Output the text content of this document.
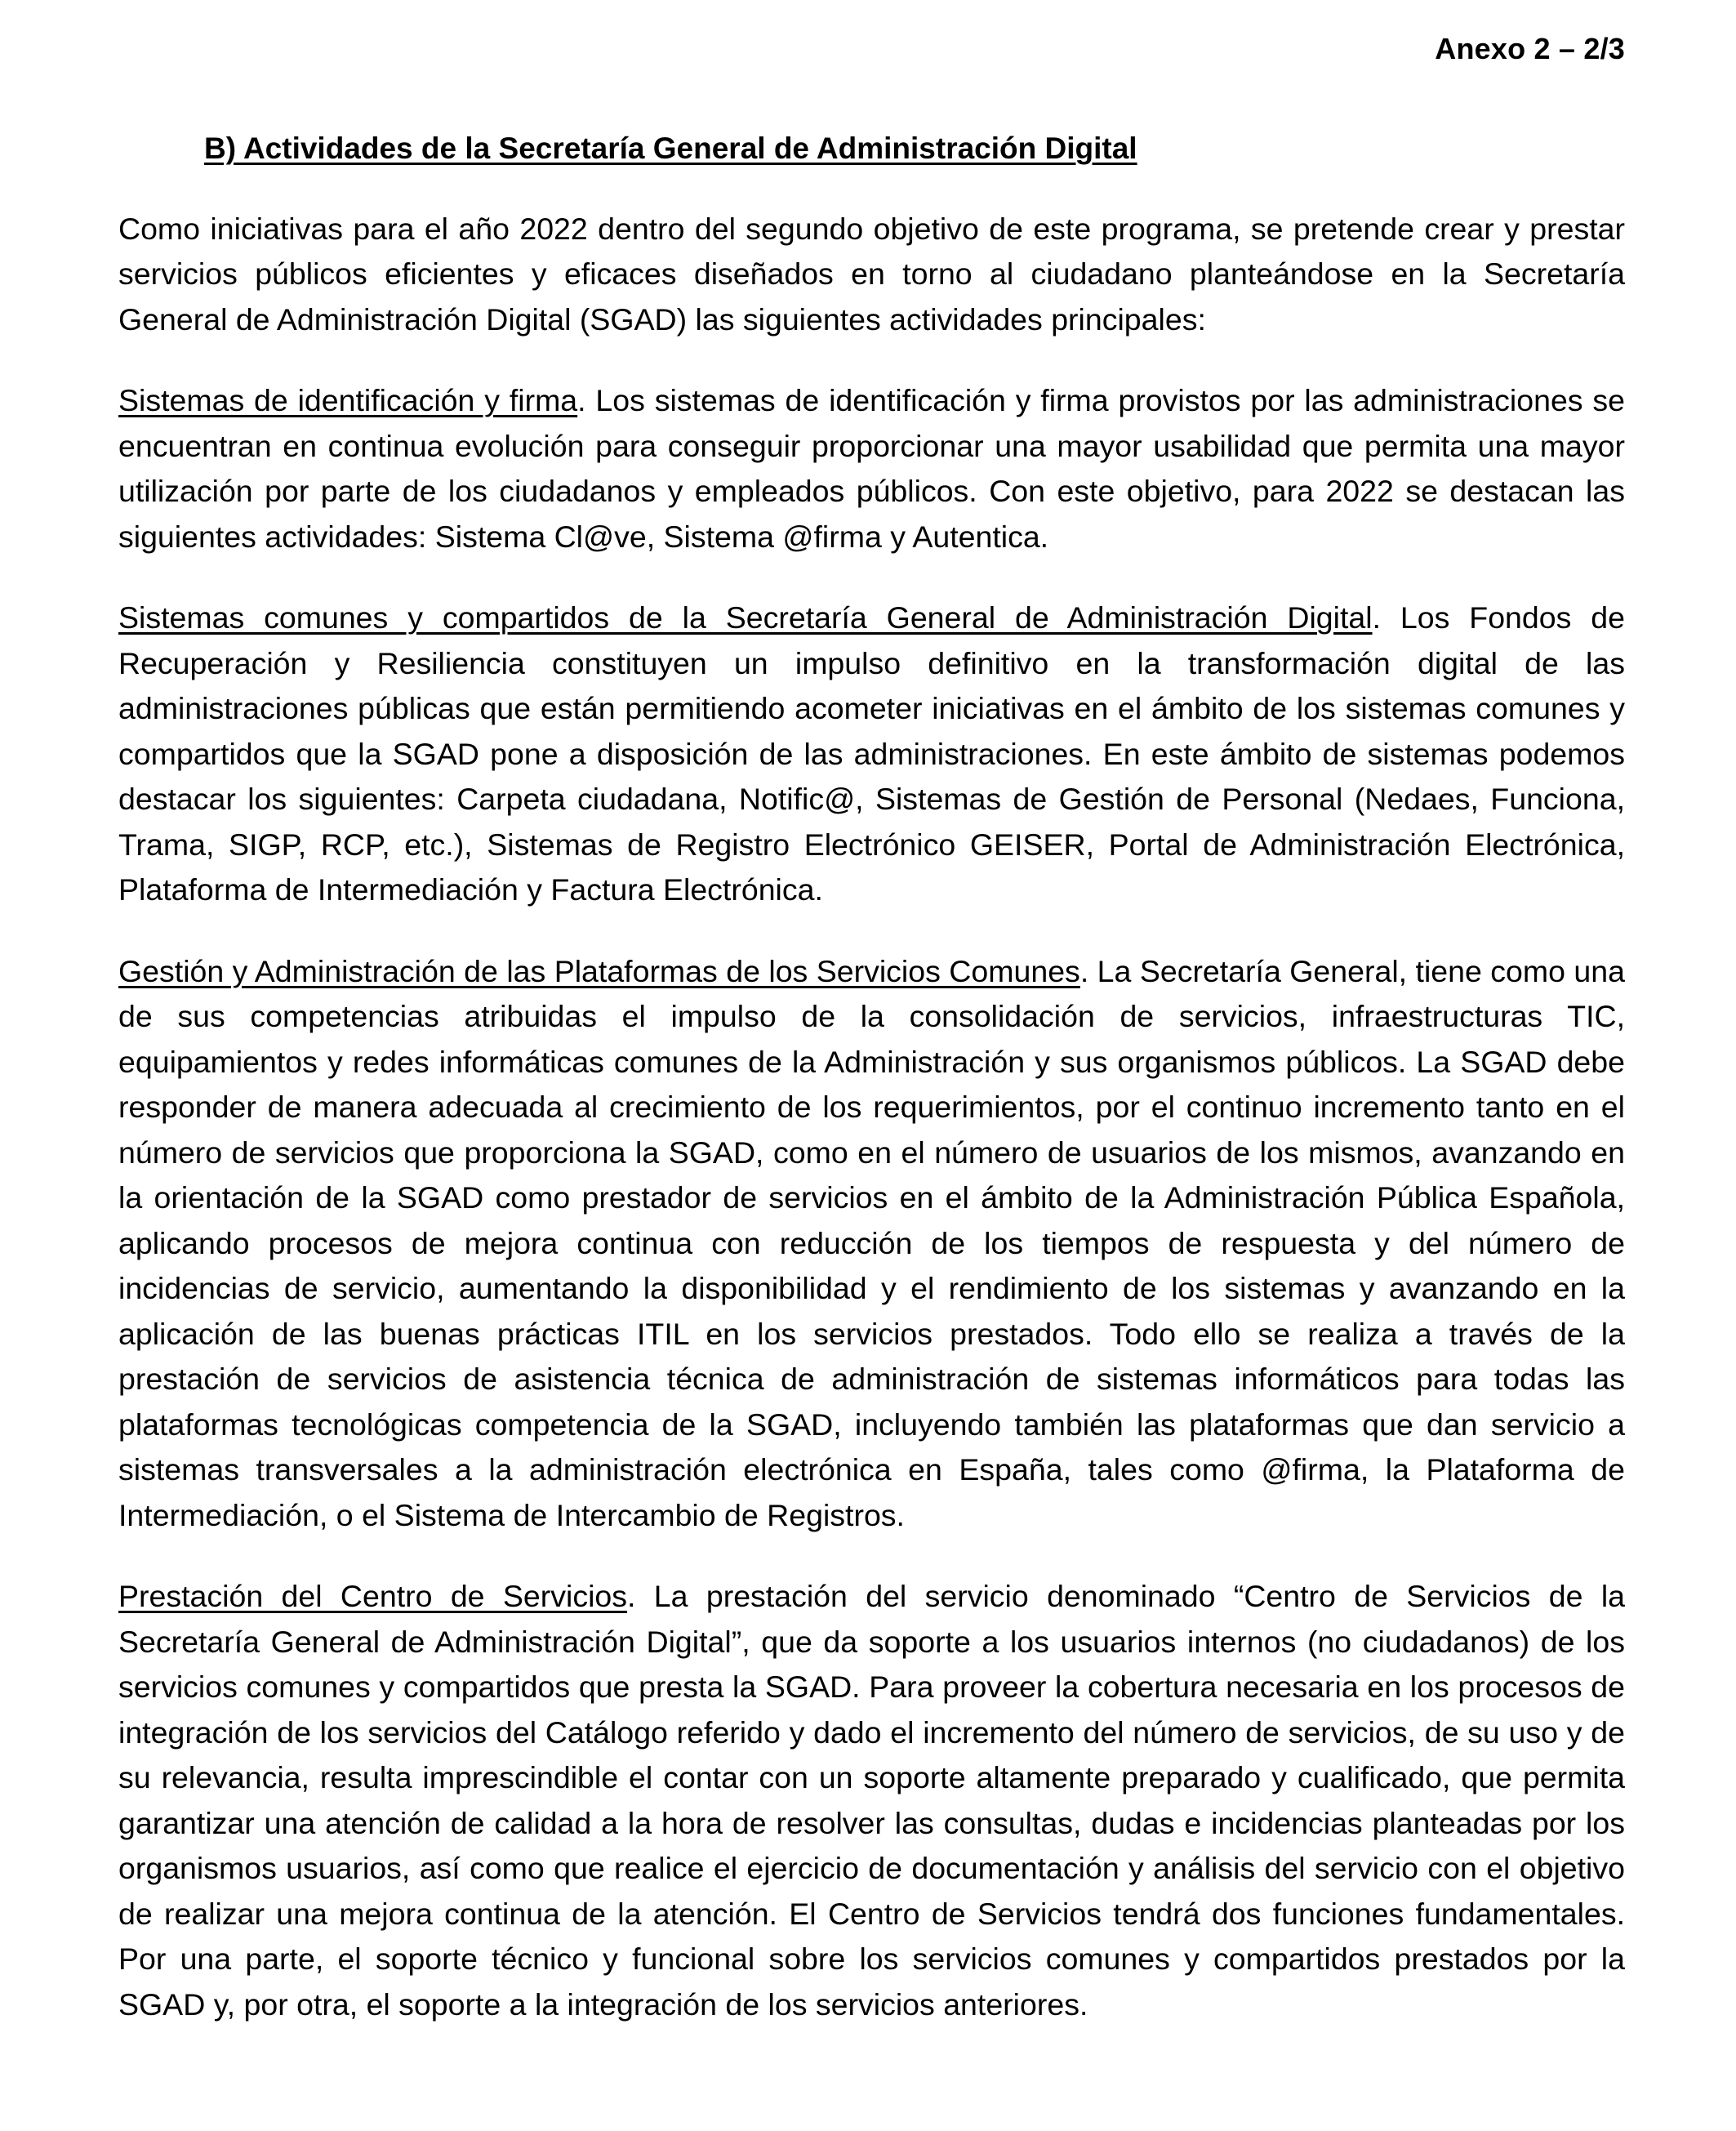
Anexo 2 – 2/3
B) Actividades de la Secretaría General de Administración Digital

Como iniciativas para el año 2022 dentro del segundo objetivo de este programa, se pretende crear y prestar servicios públicos eficientes y eficaces diseñados en torno al ciudadano planteándose en la Secretaría General de Administración Digital (SGAD) las siguientes actividades principales:

Sistemas de identificación y firma. Los sistemas de identificación y firma provistos por las administraciones se encuentran en continua evolución para conseguir proporcionar una mayor usabilidad que permita una mayor utilización por parte de los ciudadanos y empleados públicos. Con este objetivo, para 2022 se destacan las siguientes actividades: Sistema Cl@ve, Sistema @firma y Autentica.

Sistemas comunes y compartidos de la Secretaría General de Administración Digital. Los Fondos de Recuperación y Resiliencia constituyen un impulso definitivo en la transformación digital de las administraciones públicas que están permitiendo acometer iniciativas en el ámbito de los sistemas comunes y compartidos que la SGAD pone a disposición de las administraciones. En este ámbito de sistemas podemos destacar los siguientes: Carpeta ciudadana, Notific@, Sistemas de Gestión de Personal (Nedaes, Funciona, Trama, SIGP, RCP, etc.), Sistemas de Registro Electrónico GEISER, Portal de Administración Electrónica, Plataforma de Intermediación y Factura Electrónica.

Gestión y Administración de las Plataformas de los Servicios Comunes. La Secretaría General, tiene como una de sus competencias atribuidas el impulso de la consolidación de servicios, infraestructuras TIC, equipamientos y redes informáticas comunes de la Administración y sus organismos públicos. La SGAD debe responder de manera adecuada al crecimiento de los requerimientos, por el continuo incremento tanto en el número de servicios que proporciona la SGAD, como en el número de usuarios de los mismos, avanzando en la orientación de la SGAD como prestador de servicios en el ámbito de la Administración Pública Española, aplicando procesos de mejora continua con reducción de los tiempos de respuesta y del número de incidencias de servicio, aumentando la disponibilidad y el rendimiento de los sistemas y avanzando en la aplicación de las buenas prácticas ITIL en los servicios prestados. Todo ello se realiza a través de la prestación de servicios de asistencia técnica de administración de sistemas informáticos para todas las plataformas tecnológicas competencia de la SGAD, incluyendo también las plataformas que dan servicio a sistemas transversales a la administración electrónica en España, tales como @firma, la Plataforma de Intermediación, o el Sistema de Intercambio de Registros.

Prestación del Centro de Servicios. La prestación del servicio denominado “Centro de Servicios de la Secretaría General de Administración Digital”, que da soporte a los usuarios internos (no ciudadanos) de los servicios comunes y compartidos que presta la SGAD. Para proveer la cobertura necesaria en los procesos de integración de los servicios del Catálogo referido y dado el incremento del número de servicios, de su uso y de su relevancia, resulta imprescindible el contar con un soporte altamente preparado y cualificado, que permita garantizar una atención de calidad a la hora de resolver las consultas, dudas e incidencias planteadas por los organismos usuarios, así como que realice el ejercicio de documentación y análisis del servicio con el objetivo de realizar una mejora continua de la atención. El Centro de Servicios tendrá dos funciones fundamentales. Por una parte, el soporte técnico y funcional sobre los servicios comunes y compartidos prestados por la SGAD y, por otra, el soporte a la integración de los servicios anteriores.
